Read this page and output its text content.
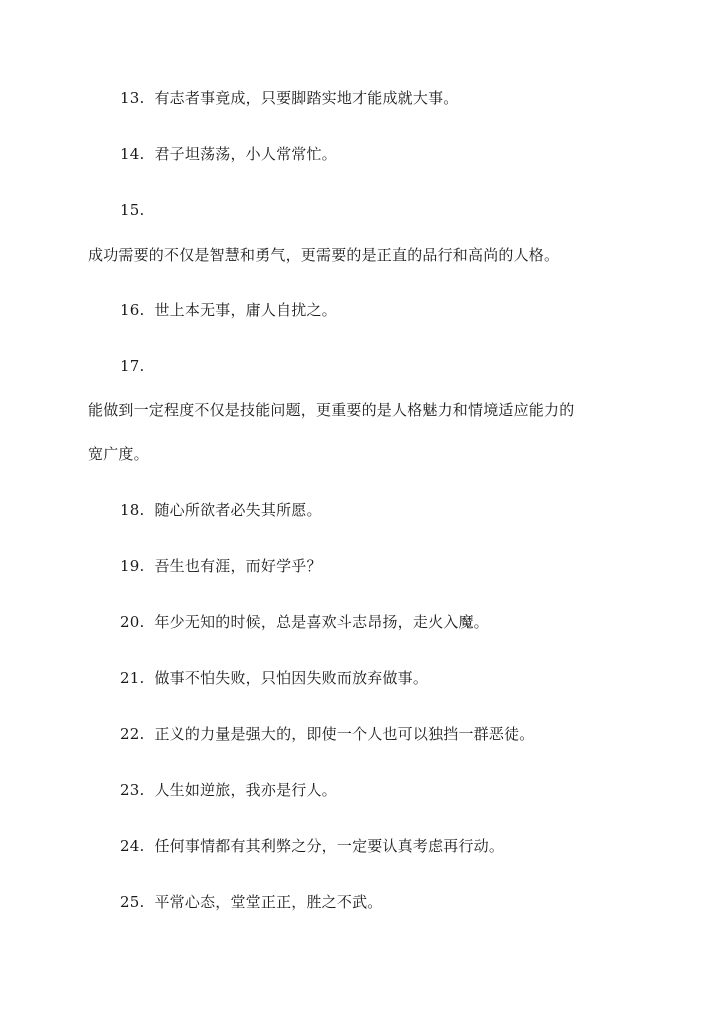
13. 有志者事竟成，只要脚踏实地才能成就大事。
14. 君子坦荡荡，小人常常忙。
15.
成功需要的不仅是智慧和勇气，更需要的是正直的品行和高尚的人格。
16. 世上本无事，庸人自扰之。
17.
能做到一定程度不仅是技能问题，更重要的是人格魅力和情境适应能力的
宽广度。
18. 随心所欲者必失其所愿。
19. 吾生也有涯，而好学乎？
20. 年少无知的时候，总是喜欢斗志昂扬，走火入魔。
21. 做事不怕失败，只怕因失败而放弃做事。
22. 正义的力量是强大的，即使一个人也可以独挡一群恶徒。
23. 人生如逆旅，我亦是行人。
24. 任何事情都有其利弊之分，一定要认真考虑再行动。
25. 平常心态，堂堂正正，胜之不武。
